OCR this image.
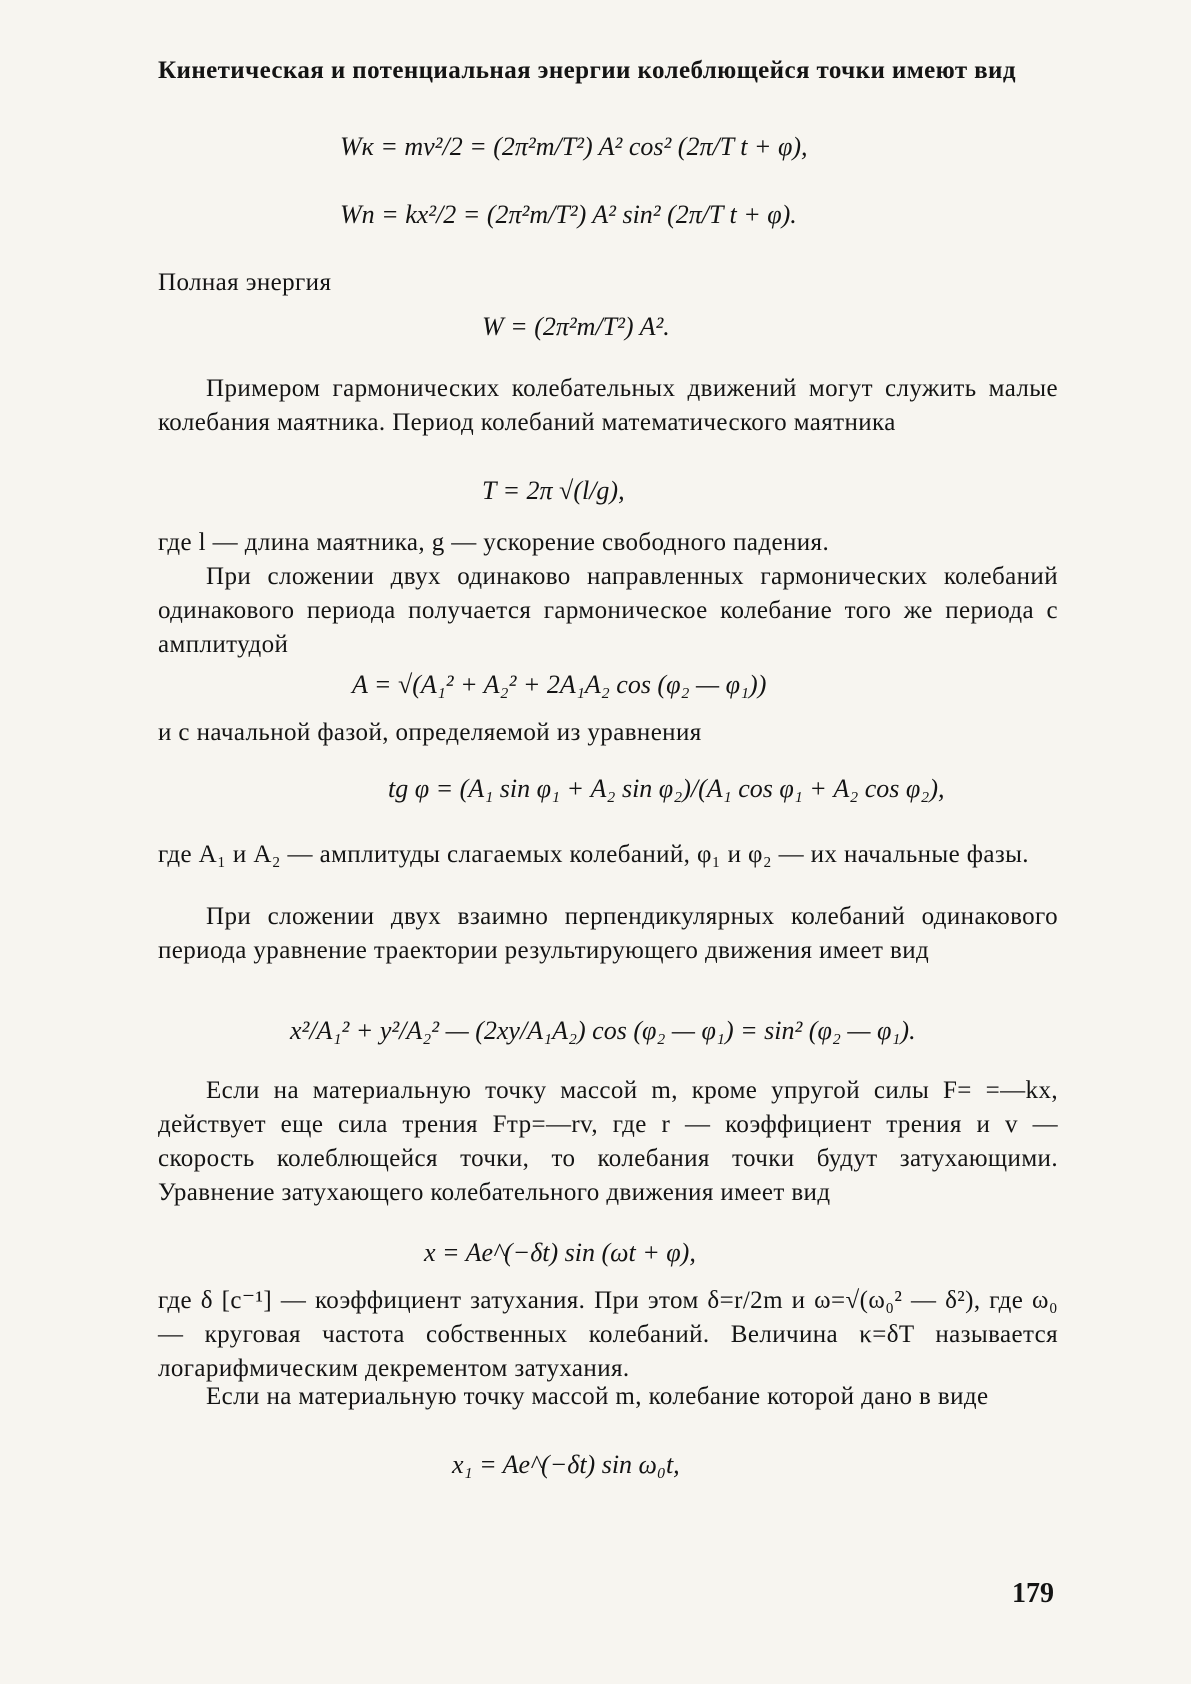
Кинетическая и потенциальная энергии колеблющейся точки имеют вид
Wк = mv²/2 = (2π²m/T²) A² cos² (2π/T t + φ),
Wп = kx²/2 = (2π²m/T²) A² sin² (2π/T t + φ).
Полная энергия
W = (2π²m/T²) A².
Примером гармонических колебательных движений могут служить малые колебания маятника. Период колебаний математического маятника
T = 2π √(l/g),
где l — длина маятника, g — ускорение свободного падения.
При сложении двух одинаково направленных гармонических колебаний одинакового периода получается гармоническое колебание того же периода с амплитудой
A = √(A₁² + A₂² + 2A₁A₂ cos (φ₂ — φ₁))
и с начальной фазой, определяемой из уравнения
tg φ = (A₁ sin φ₁ + A₂ sin φ₂)/(A₁ cos φ₁ + A₂ cos φ₂),
где A₁ и A₂ — амплитуды слагаемых колебаний, φ₁ и φ₂ — их начальные фазы.
При сложении двух взаимно перпендикулярных колебаний одинакового периода уравнение траектории результирующего движения имеет вид
x²/A₁² + y²/A₂² — (2xy/A₁A₂) cos (φ₂ — φ₁) = sin² (φ₂ — φ₁).
Если на материальную точку массой m, кроме упругой силы F= =—kx, действует еще сила трения Fтр=—rv, где r — коэффициент трения и v — скорость колеблющейся точки, то колебания точки будут затухающими. Уравнение затухающего колебательного движения имеет вид
x = Ae^(−δt) sin (ωt + φ),
где δ [с⁻¹] — коэффициент затухания. При этом δ=r/2m и ω=√(ω₀² — δ²), где ω₀ — круговая частота собственных колебаний. Величина κ=δT называется логарифмическим декрементом затухания.
Если на материальную точку массой m, колебание которой дано в виде
x₁ = Ae^(−δt) sin ω₀t,
179
